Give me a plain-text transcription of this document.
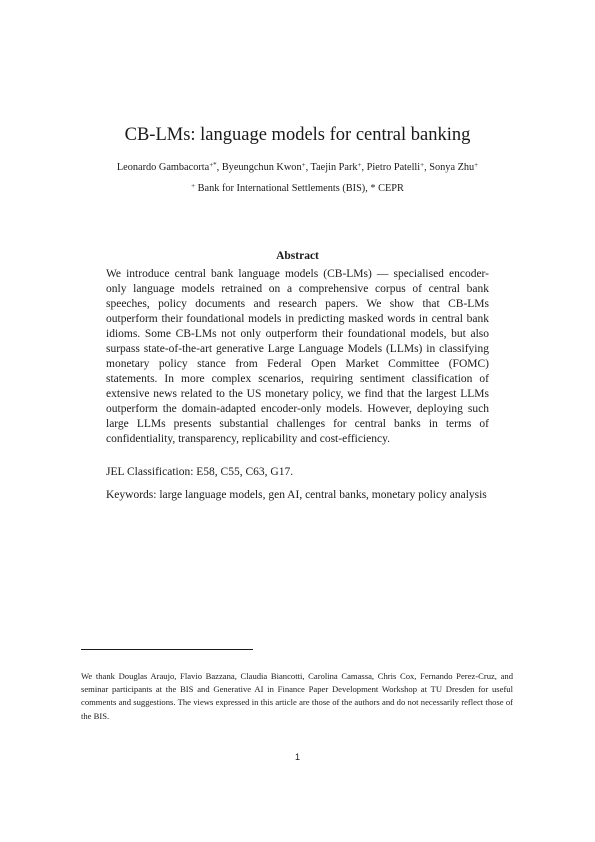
CB-LMs: language models for central banking
Leonardo Gambacorta+*, Byeungchun Kwon+, Taejin Park+, Pietro Patelli+, Sonya Zhu+
+ Bank for International Settlements (BIS), * CEPR
Abstract

We introduce central bank language models (CB-LMs) — specialised encoder-only language models retrained on a comprehensive corpus of central bank speeches, policy documents and research papers. We show that CB-LMs outperform their foundational models in predicting masked words in central bank idioms. Some CB-LMs not only outperform their foundational models, but also surpass state-of-the-art generative Large Language Models (LLMs) in classifying monetary policy stance from Federal Open Market Committee (FOMC) statements. In more complex scenarios, requiring sentiment classification of extensive news related to the US monetary policy, we find that the largest LLMs outperform the domain-adapted encoder-only models. However, deploying such large LLMs presents substantial challenges for central banks in terms of confidentiality, transparency, replicability and cost-efficiency.

JEL Classification: E58, C55, C63, G17.
Keywords: large language models, gen AI, central banks, monetary policy analysis

We thank Douglas Araujo, Flavio Bazzana, Claudia Biancotti, Carolina Camassa, Chris Cox, Fernando Perez-Cruz, and seminar participants at the BIS and Generative AI in Finance Paper Development Workshop at TU Dresden for useful comments and suggestions. The views expressed in this article are those of the authors and do not necessarily reflect those of the BIS.

1
